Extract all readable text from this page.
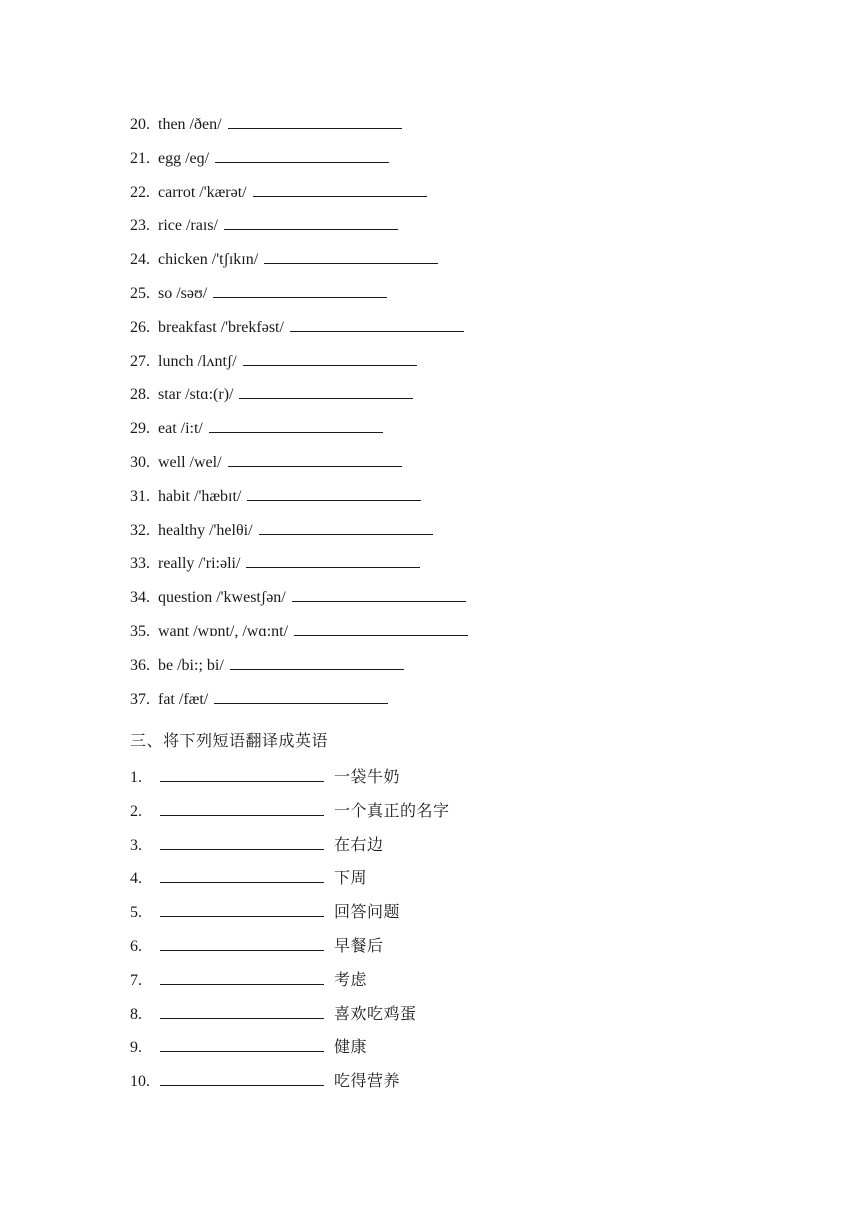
20. then /ðen/
21. egg /eɡ/
22. carrot /'kærət/
23. rice /raɪs/
24. chicken /'tʃɪkɪn/
25. so /səʊ/
26. breakfast /'brekfəst/
27. lunch /lʌntʃ/
28. star /stɑ:(r)/
29. eat /i:t/
30. well /wel/
31. habit /'hæbɪt/
32. healthy /'helθi/
33. really /'ri:əli/
34. question /'kwestʃən/
35. want /wɒnt/, /wɑ:nt/
36. be /bi:; bi/
37. fat /fæt/
三、将下列短语翻译成英语
1.	一袋牛奶
2.	一个真正的名字
3.	在右边
4.	下周
5.	回答问题
6.	早餐后
7.	考虑
8.	喜欢吃鸡蛋
9.	健康
10.	吃得营养
